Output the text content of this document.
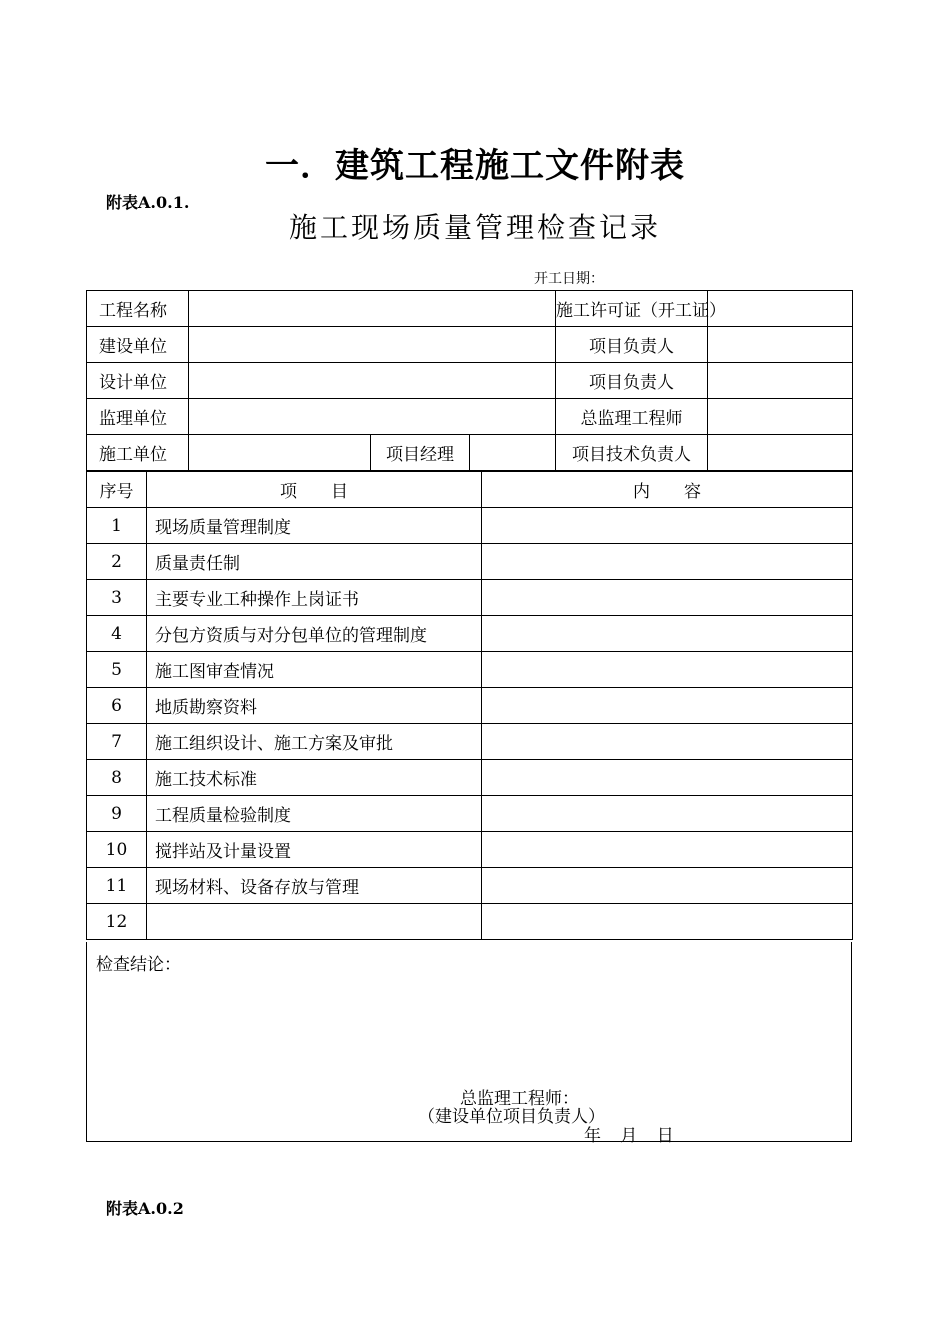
一．建筑工程施工文件附表
附表A.0.1.
施工现场质量管理检查记录
开工日期：
工程名称				施工许可证（开工证）	
建设单位				项目负责人	
设计单位				项目负责人	
监理单位				总监理工程师	
施工单位		项目经理		项目技术负责人	
序号	项　　目	内　　容
1	现场质量管理制度	
2	质量责任制	
3	主要专业工种操作上岗证书	
4	分包方资质与对分包单位的管理制度	
5	施工图审查情况	
6	地质勘察资料	
7	施工组织设计、施工方案及审批	
8	施工技术标准	
9	工程质量检验制度	
10	搅拌站及计量设置	
11	现场材料、设备存放与管理	
12		
检查结论：
总监理工程师：
（建设单位项目负责人）
年 月 日
附表A.0.2
